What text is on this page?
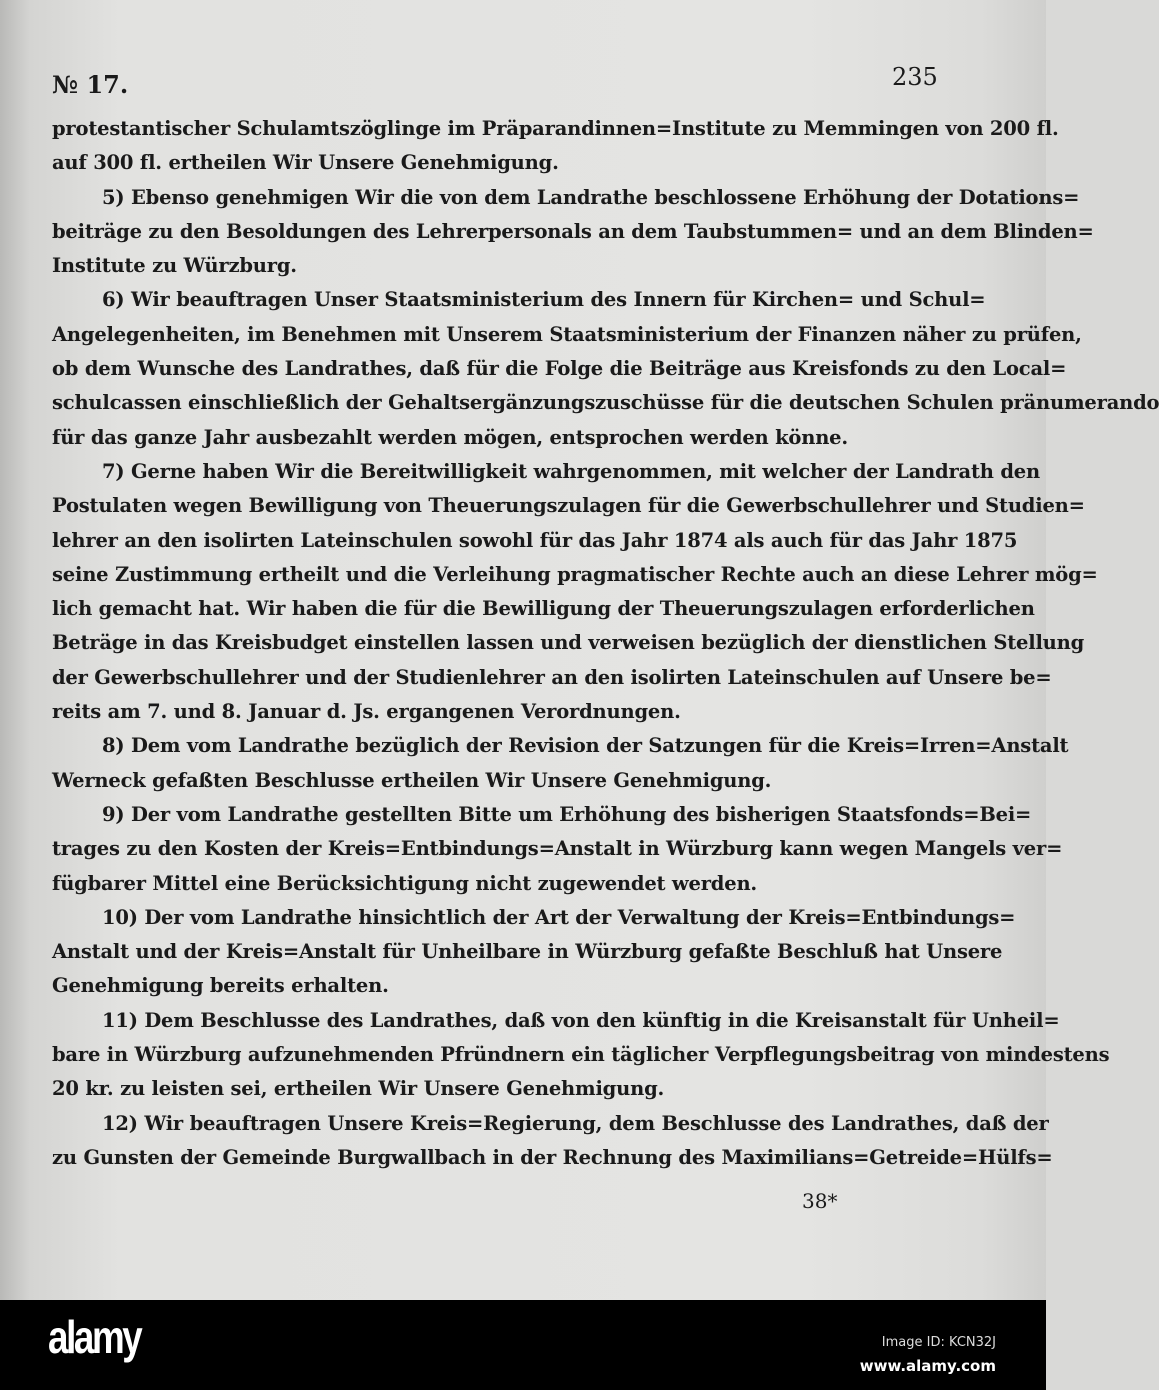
№ 17.	235
protestantischer Schulamtszöglinge im Präparandinnen=Institute zu Memmingen von 200 fl.
auf 300 fl. ertheilen Wir Unsere Genehmigung.
5) Ebenso genehmigen Wir die von dem Landrathe beschlossene Erhöhung der Dotations=
beiträge zu den Besoldungen des Lehrerpersonals an dem Taubstummen= und an dem Blinden=
Institute zu Würzburg.
6) Wir beauftragen Unser Staatsministerium des Innern für Kirchen= und Schul=
Angelegenheiten, im Benehmen mit Unserem Staatsministerium der Finanzen näher zu prüfen,
ob dem Wunsche des Landrathes, daß für die Folge die Beiträge aus Kreisfonds zu den Local=
schulcassen einschließlich der Gehaltsergänzungszuschüsse für die deutschen Schulen pränumerando
für das ganze Jahr ausbezahlt werden mögen, entsprochen werden könne.
7) Gerne haben Wir die Bereitwilligkeit wahrgenommen, mit welcher der Landrath den
Postulaten wegen Bewilligung von Theuerungszulagen für die Gewerbschullehrer und Studien=
lehrer an den isolirten Lateinschulen sowohl für das Jahr 1874 als auch für das Jahr 1875
seine Zustimmung ertheilt und die Verleihung pragmatischer Rechte auch an diese Lehrer mög=
lich gemacht hat. Wir haben die für die Bewilligung der Theuerungszulagen erforderlichen
Beträge in das Kreisbudget einstellen lassen und verweisen bezüglich der dienstlichen Stellung
der Gewerbschullehrer und der Studienlehrer an den isolirten Lateinschulen auf Unsere be=
reits am 7. und 8. Januar d. Js. ergangenen Verordnungen.
8) Dem vom Landrathe bezüglich der Revision der Satzungen für die Kreis=Irren=Anstalt
Werneck gefaßten Beschlusse ertheilen Wir Unsere Genehmigung.
9) Der vom Landrathe gestellten Bitte um Erhöhung des bisherigen Staatsfonds=Bei=
trages zu den Kosten der Kreis=Entbindungs=Anstalt in Würzburg kann wegen Mangels ver=
fügbarer Mittel eine Berücksichtigung nicht zugewendet werden.
10) Der vom Landrathe hinsichtlich der Art der Verwaltung der Kreis=Entbindungs=
Anstalt und der Kreis=Anstalt für Unheilbare in Würzburg gefaßte Beschluß hat Unsere
Genehmigung bereits erhalten.
11) Dem Beschlusse des Landrathes, daß von den künftig in die Kreisanstalt für Unheil=
bare in Würzburg aufzunehmenden Pfründnern ein täglicher Verpflegungsbeitrag von mindestens
20 kr. zu leisten sei, ertheilen Wir Unsere Genehmigung.
12) Wir beauftragen Unsere Kreis=Regierung, dem Beschlusse des Landrathes, daß der
zu Gunsten der Gemeinde Burgwallbach in der Rechnung des Maximilians=Getreide=Hülfs=
38*
alamy	Image ID: KCN32J
www.alamy.com
